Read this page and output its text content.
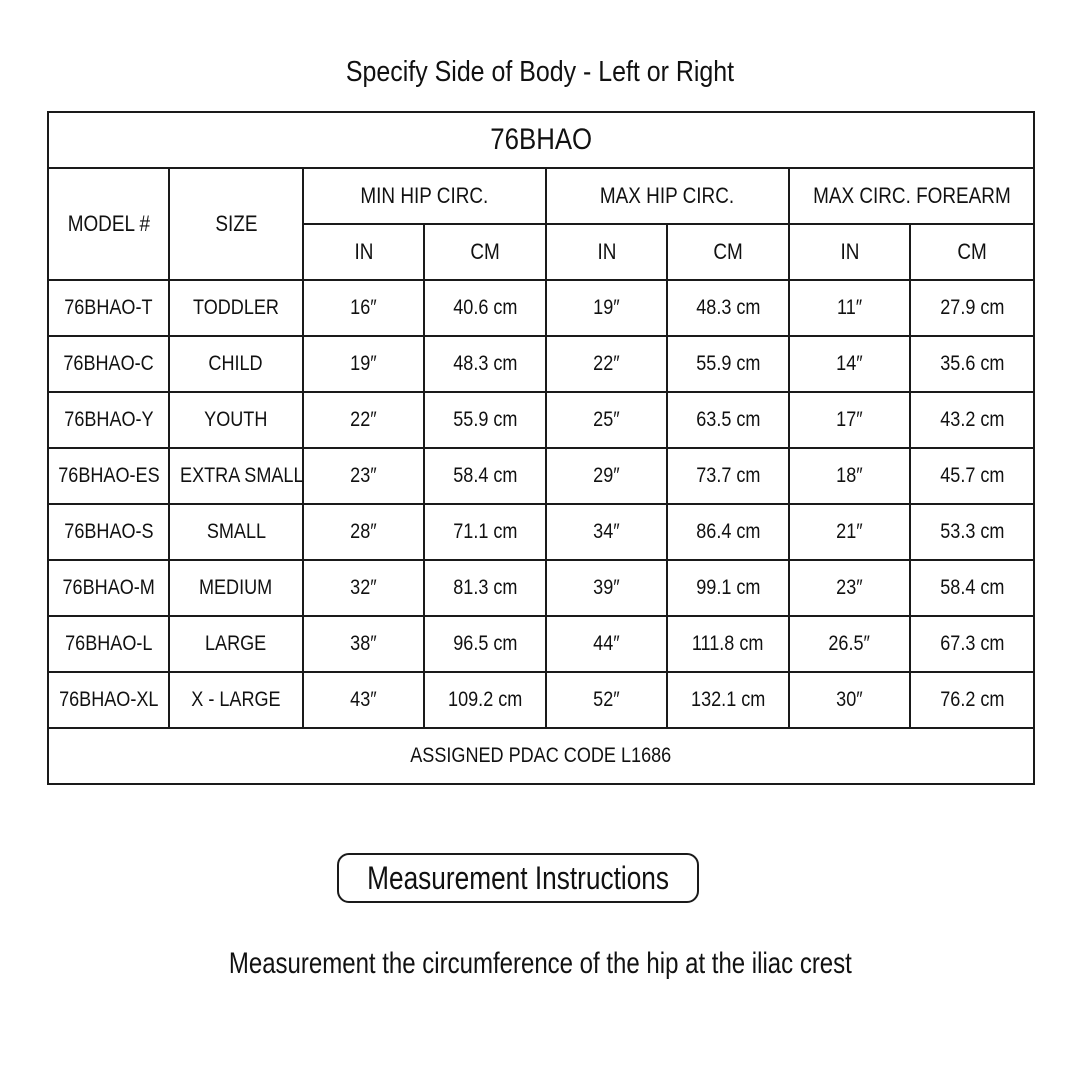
Specify Side of Body - Left or Right
76BHAO							
MODEL #	SIZE	MIN HIP CIRC.		MAX HIP CIRC.		MAX CIRC. FOREARM	
		IN	CM	IN	CM	IN	CM
76BHAO-T	TODDLER	16″	40.6 cm	19″	48.3 cm	11″	27.9 cm
76BHAO-C	CHILD	19″	48.3 cm	22″	55.9 cm	14″	35.6 cm
76BHAO-Y	YOUTH	22″	55.9 cm	25″	63.5 cm	17″	43.2 cm
76BHAO-ES	EXTRA SMALL	23″	58.4 cm	29″	73.7 cm	18″	45.7 cm
76BHAO-S	SMALL	28″	71.1 cm	34″	86.4 cm	21″	53.3 cm
76BHAO-M	MEDIUM	32″	81.3 cm	39″	99.1 cm	23″	58.4 cm
76BHAO-L	LARGE	38″	96.5 cm	44″	111.8 cm	26.5″	67.3 cm
76BHAO-XL	X - LARGE	43″	109.2 cm	52″	132.1 cm	30″	76.2 cm
ASSIGNED PDAC CODE L1686							
Measurement Instructions
Measurement the circumference of the hip at the iliac crest
